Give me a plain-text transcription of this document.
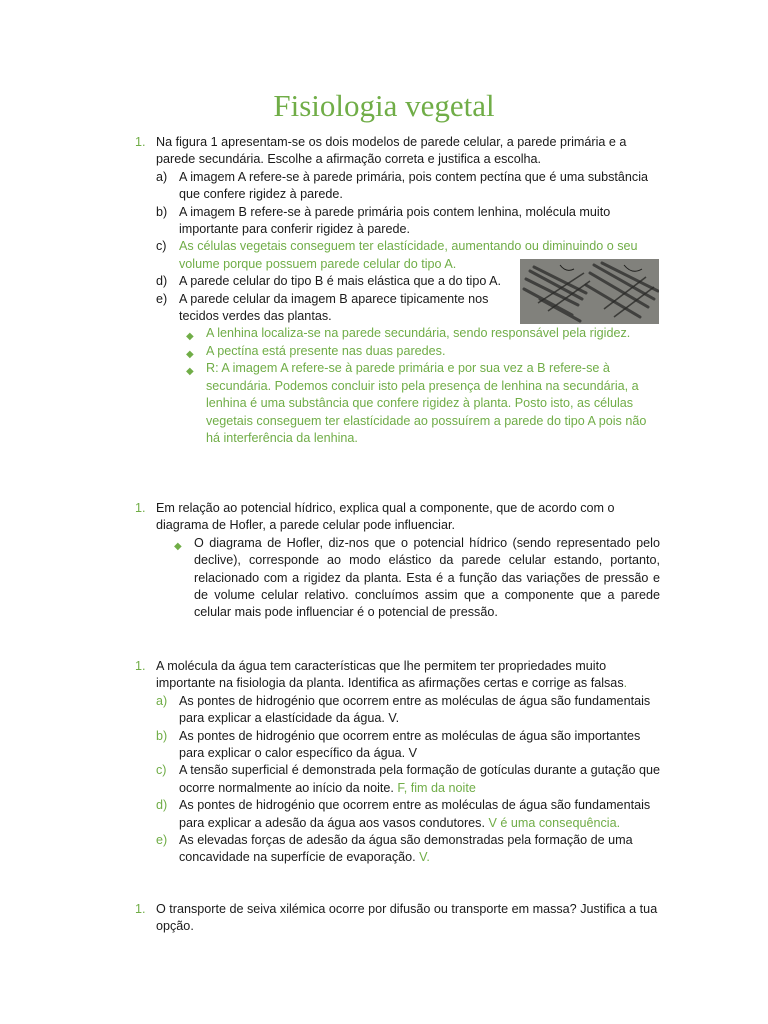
Fisiologia vegetal
1. Na figura 1 apresentam-se os dois modelos de parede celular, a parede primária e a parede secundária. Escolhe a afirmação correta e justifica a escolha.
a) A imagem A refere-se à parede primária, pois contem pectína que é uma substância que confere rigidez à parede.
b) A imagem B refere-se à parede primária pois contem lenhina, molécula muito importante para conferir rigidez à parede.
c) As células vegetais conseguem ter elastícidade, aumentando ou diminuindo o seu volume porque possuem parede celular do tipo A.
d) A parede celular do tipo B é mais elástica que a do tipo A.
e) A parede celular da imagem B aparece tipicamente nos tecidos verdes das plantas.
◆ A lenhina localiza-se na parede secundária, sendo responsável pela rigidez.
◆ A pectína está presente nas duas paredes.
◆ R: A imagem A refere-se à parede primária e por sua vez a B refere-se à secundária. Podemos concluir isto pela presença de lenhina na secundária, a lenhina é uma substância que confere rigidez à planta. Posto isto, as células vegetais conseguem ter elastícidade ao possuírem a parede do tipo A pois não há interferência da lenhina.
1. Em relação ao potencial hídrico, explica qual a componente, que de acordo com o diagrama de Hofler, a parede celular pode influenciar.
◆ O diagrama de Hofler, diz-nos que o potencial hídrico (sendo representado pelo declive), corresponde ao modo elástico da parede celular estando, portanto, relacionado com a rigidez da planta. Esta é a função das variações de pressão e de volume celular relativo. concluímos assim que a componente que a parede celular mais pode influenciar é o potencial de pressão.
1. A molécula da água tem características que lhe permitem ter propriedades muito importante na fisiologia da planta. Identifica as afirmações certas e corrige as falsas.
a) As pontes de hidrogénio que ocorrem entre as moléculas de água são fundamentais para explicar a elastícidade da água. V.
b) As pontes de hidrogénio que ocorrem entre as moléculas de água são importantes para explicar o calor específico da água. V
c) A tensão superficial é demonstrada pela formação de gotículas durante a gutação que ocorre normalmente ao início da noite. F, fim da noite
d) As pontes de hidrogénio que ocorrem entre as moléculas de água são fundamentais para explicar a adesão da água aos vasos condutores. V é uma consequência.
e) As elevadas forças de adesão da água são demonstradas pela formação de uma concavidade na superfície de evaporação. V.
1. O transporte de seiva xilémica ocorre por difusão ou transporte em massa? Justifica a tua opção.
